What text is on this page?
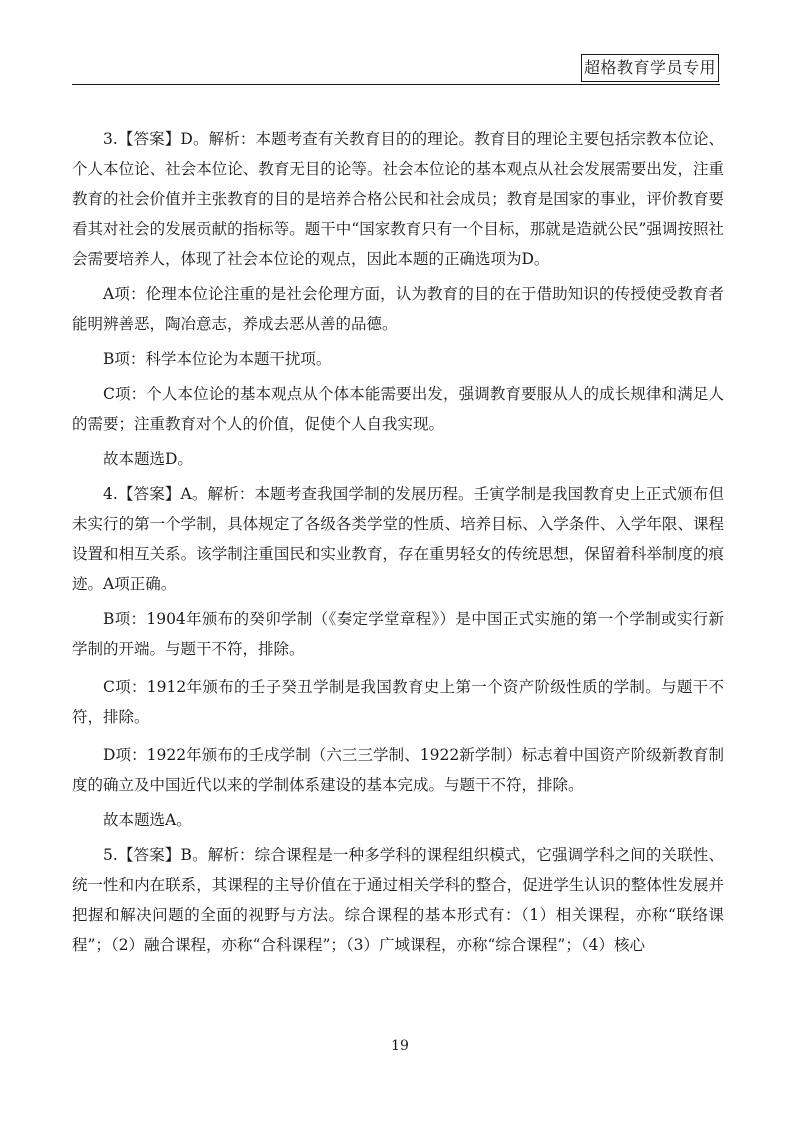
超格教育学员专用

3.【答案】D。解析：本题考查有关教育目的的理论。教育目的理论主要包括宗教本位论、个人本位论、社会本位论、教育无目的论等。社会本位论的基本观点从社会发展需要出发，注重教育的社会价值并主张教育的目的是培养合格公民和社会成员；教育是国家的事业，评价教育要看其对社会的发展贡献的指标等。题干中“国家教育只有一个目标，那就是造就公民”强调按照社会需要培养人，体现了社会本位论的观点，因此本题的正确选项为D。

A项：伦理本位论注重的是社会伦理方面，认为教育的目的在于借助知识的传授使受教育者能明辨善恶，陶冶意志，养成去恶从善的品德。

B项：科学本位论为本题干扰项。

C项：个人本位论的基本观点从个体本能需要出发，强调教育要服从人的成长规律和满足人的需要；注重教育对个人的价值，促使个人自我实现。

故本题选D。

4.【答案】A。解析：本题考查我国学制的发展历程。壬寅学制是我国教育史上正式颁布但未实行的第一个学制，具体规定了各级各类学堂的性质、培养目标、入学条件、入学年限、课程设置和相互关系。该学制注重国民和实业教育，存在重男轻女的传统思想，保留着科举制度的痕迹。A项正确。

B项：1904年颁布的癸卯学制（《奏定学堂章程》）是中国正式实施的第一个学制或实行新学制的开端。与题干不符，排除。

C项：1912年颁布的壬子癸丑学制是我国教育史上第一个资产阶级性质的学制。与题干不符，排除。

D项：1922年颁布的壬戌学制（六三三学制、1922新学制）标志着中国资产阶级新教育制度的确立及中国近代以来的学制体系建设的基本完成。与题干不符，排除。

故本题选A。

5.【答案】B。解析：综合课程是一种多学科的课程组织模式，它强调学科之间的关联性、统一性和内在联系，其课程的主导价值在于通过相关学科的整合，促进学生认识的整体性发展并把握和解决问题的全面的视野与方法。综合课程的基本形式有：（1）相关课程，亦称“联络课程”；（2）融合课程，亦称“合科课程”；（3）广域课程，亦称“综合课程”；（4）核心

19
